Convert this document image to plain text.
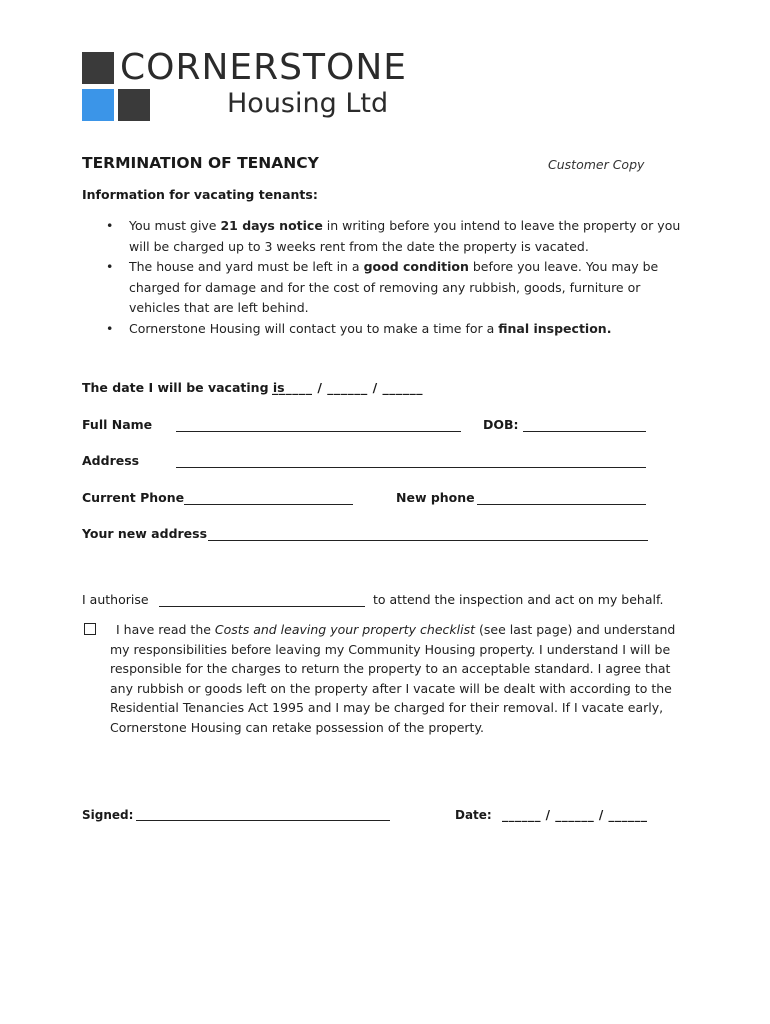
CORNERSTONE
Housing Ltd
TERMINATION OF TENANCY	Customer Copy
Information for vacating tenants:
• You must give 21 days notice in writing before you intend to leave the property or you will be charged up to 3 weeks rent from the date the property is vacated.
• The house and yard must be left in a good condition before you leave. You may be charged for damage and for the cost of removing any rubbish, goods, furniture or vehicles that are left behind.
• Cornerstone Housing will contact you to make a time for a final inspection.
The date I will be vacating is
______ / ______ / ______
Full Name	DOB:
Address
Current Phone	New phone
Your new address
I authorise	to attend the inspection and act on my behalf.
I have read the Costs and leaving your property checklist (see last page) and understand my responsibilities before leaving my Community Housing property. I understand I will be responsible for the charges to return the property to an acceptable standard. I agree that any rubbish or goods left on the property after I vacate will be dealt with according to the Residential Tenancies Act 1995 and I may be charged for their removal. If I vacate early, Cornerstone Housing can retake possession of the property.
Signed:	Date: ______ / ______ / ______
